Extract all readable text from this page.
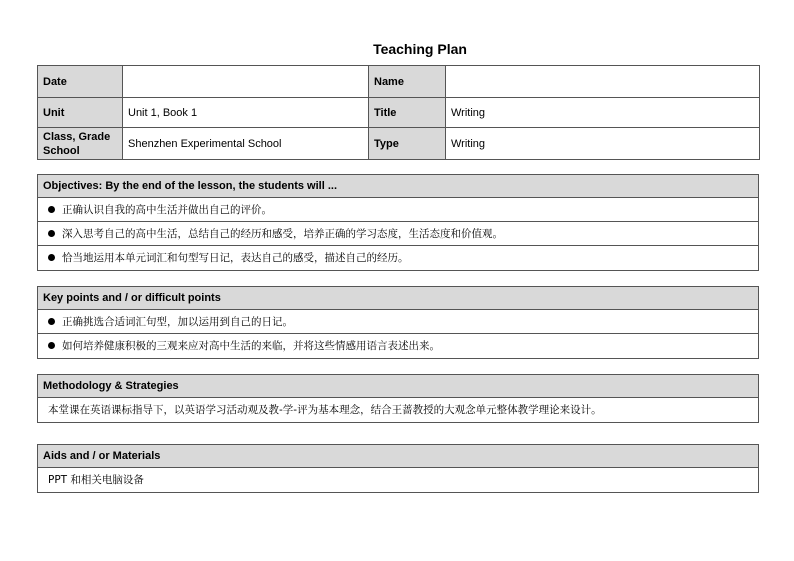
Teaching Plan
Date		Name	
Unit	Unit 1, Book 1	Title	Writing
Class, Grade School	Shenzhen Experimental School	Type	Writing
Objectives: By the end of the lesson, the students will ...
正确认识自我的高中生活并做出自己的评价。
深入思考自己的高中生活，总结自己的经历和感受，培养正确的学习态度，生活态度和价值观。
恰当地运用本单元词汇和句型写日记，表达自己的感受，描述自己的经历。
Key points and / or difficult points
正确挑选合适词汇句型，加以运用到自己的日记。
如何培养健康积极的三观来应对高中生活的来临，并将这些情感用语言表述出来。
Methodology & Strategies
本堂课在英语课标指导下，以英语学习活动观及教-学-评为基本理念，结合王蔷教授的大观念单元整体教学理论来设计。
Aids and / or Materials
PPT 和相关电脑设备
